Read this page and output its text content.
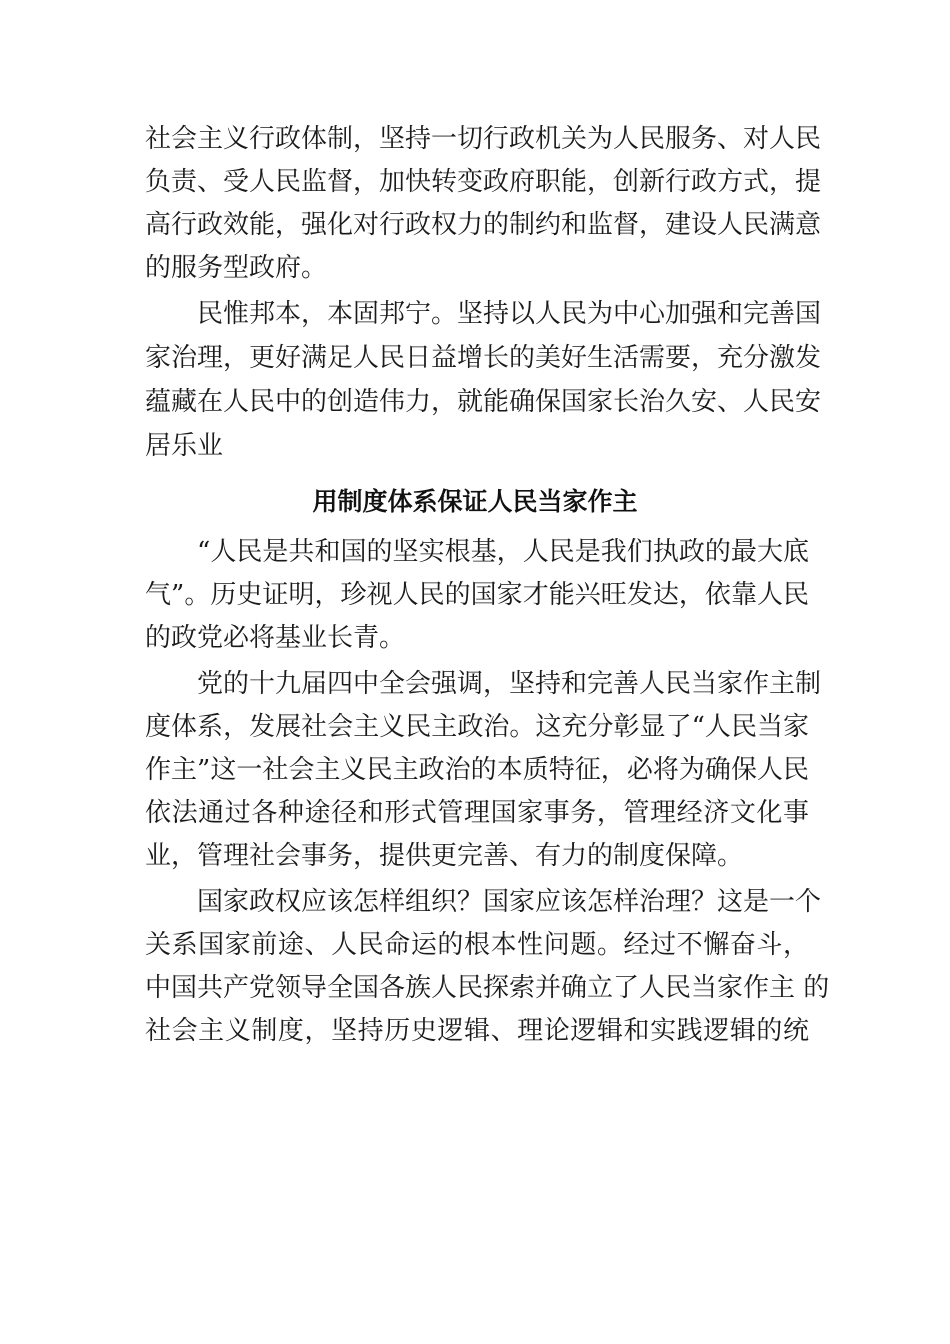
社会主义行政体制，坚持一切行政机关为人民服务、对人民
负责、受人民监督，加快转变政府职能，创新行政方式，提
高行政效能，强化对行政权力的制约和监督，建设人民满意
的服务型政府。
民惟邦本，本固邦宁。坚持以人民为中心加强和完善国
家治理，更好满足人民日益增长的美好生活需要，充分激发
蕴藏在人民中的创造伟力，就能确保国家长治久安、人民安
居乐业
用制度体系保证人民当家作主
“人民是共和国的坚实根基，人民是我们执政的最大底
气”。历史证明，珍视人民的国家才能兴旺发达，依靠人民
的政党必将基业长青。
党的十九届四中全会强调，坚持和完善人民当家作主制
度体系，发展社会主义民主政治。这充分彰显了“人民当家
作主”这一社会主义民主政治的本质特征，必将为确保人民
依法通过各种途径和形式管理国家事务，管理经济文化事
业，管理社会事务，提供更完善、有力的制度保障。
国家政权应该怎样组织？国家应该怎样治理？这是一个
关系国家前途、人民命运的根本性问题。经过不懈奋斗，
中国共产党领导全国各族人民探索并确立了人民当家作主 的
社会主义制度，坚持历史逻辑、理论逻辑和实践逻辑的统
